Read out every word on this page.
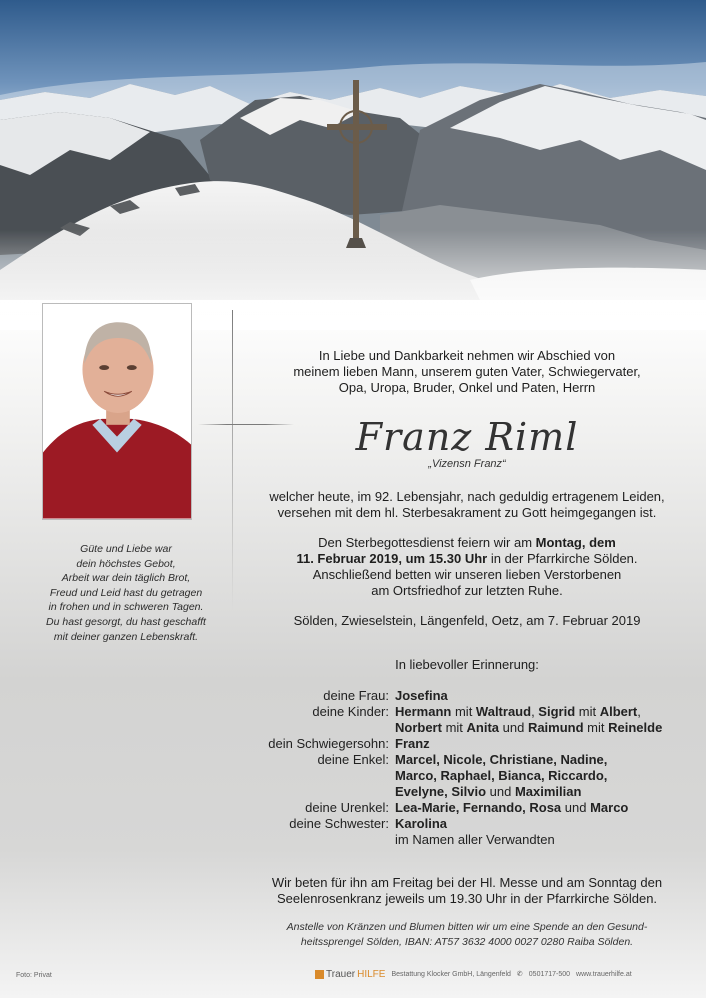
Güte und Liebe war
dein höchstes Gebot,
Arbeit war dein täglich Brot,
Freud und Leid hast du getragen
in frohen und in schweren Tagen.
Du hast gesorgt, du hast geschafft
mit deiner ganzen Lebenskraft.
In Liebe und Dankbarkeit nehmen wir Abschied von
meinem lieben Mann, unserem guten Vater, Schwiegervater,
Opa, Uropa, Bruder, Onkel und Paten, Herrn
Franz Riml
„Vizensn Franz“
welcher heute, im 92. Lebensjahr, nach geduldig ertragenem Leiden,
versehen mit dem hl. Sterbesakrament zu Gott heimgegangen ist.
Den Sterbegottesdienst feiern wir am Montag, dem
11. Februar 2019, um 15.30 Uhr in der Pfarrkirche Sölden.
Anschließend betten wir unseren lieben Verstorbenen
am Ortsfriedhof zur letzten Ruhe.
Sölden, Zwieselstein, Längenfeld, Oetz, am 7. Februar 2019
In liebevoller Erinnerung:
deine Frau: Josefina
deine Kinder: Hermann mit Waltraud, Sigrid mit Albert,
Norbert mit Anita und Raimund mit Reinelde
dein Schwiegersohn: Franz
deine Enkel: Marcel, Nicole, Christiane, Nadine,
Marco, Raphael, Bianca, Riccardo,
Evelyne, Silvio und Maximilian
deine Urenkel: Lea-Marie, Fernando, Rosa und Marco
deine Schwester: Karolina
im Namen aller Verwandten
Wir beten für ihn am Freitag bei der Hl. Messe und am Sonntag den
Seelenrosenkranz jeweils um 19.30 Uhr in der Pfarrkirche Sölden.
Anstelle von Kränzen und Blumen bitten wir um eine Spende an den Gesund-
heitssprengel Sölden, IBAN: AT57 3632 4000 0027 0280 Raiba Sölden.
Foto: Privat	Trauer HILFE Bestattung Klocker GmbH, Längenfeld ✆ 0501717-500 www.trauerhilfe.at
